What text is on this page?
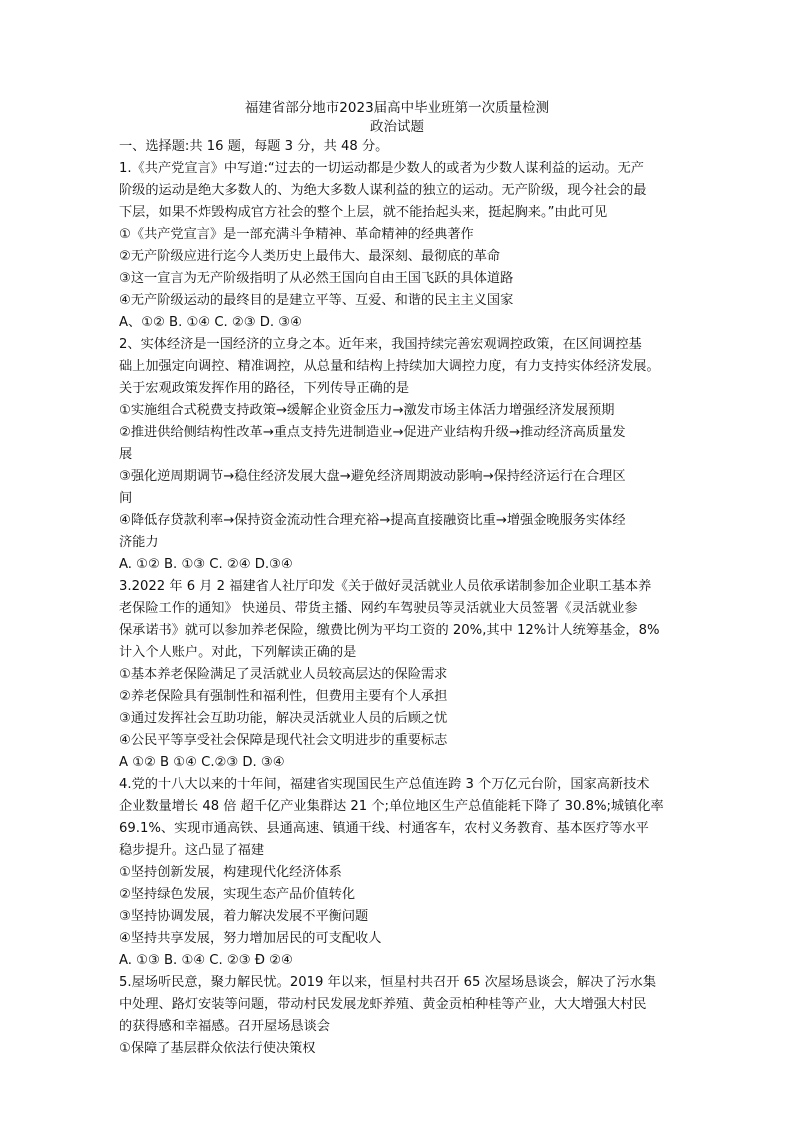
福建省部分地市2023届高中毕业班第一次质量检测
政治试题
一、选择题:共 16 题，每题 3 分，共 48 分。
1.《共产党宣言》中写道:“过去的一切运动都是少数人的或者为少数人谋利益的运动。无产
阶级的运动是绝大多数人的、为绝大多数人谋利益的独立的运动。无产阶级，现今社会的最
下层，如果不炸毁构成官方社会的整个上层，就不能抬起头来，挺起胸来。”由此可见
①《共产党宣言》是一部充满斗争精神、革命精神的经典著作
②无产阶级应进行迄今人类历史上最伟大、最深刻、最彻底的革命
③这一宣言为无产阶级指明了从必然王国向自由王国飞跃的具体道路
④无产阶级运动的最终目的是建立平等、互爱、和谐的民主主义国家
A、①② B. ①④ C. ②③ D. ③④
2、实体经济是一国经济的立身之本。近年来，我国持续完善宏观调控政策，在区间调控基
础上加强定向调控、精准调控，从总量和结构上持续加大调控力度，有力支持实体经济发展。
关于宏观政策发挥作用的路径，下列传导正确的是
①实施组合式税费支持政策→缓解企业资金压力→激发市场主体活力增强经济发展预期
②推进供给侧结构性改革→重点支持先进制造业→促进产业结构升级→推动经济高质量发
展
③强化逆周期调节→稳住经济发展大盘→避免经济周期波动影响→保持经济运行在合理区
间
④降低存贷款利率→保持资金流动性合理充裕→提高直接融资比重→增强金晚服务实体经
济能力
A. ①② B. ①③ C. ②④ D.③④
3.2022 年 6 月 2 福建省人社厅印发《关于做好灵活就业人员依承诺制参加企业职工基本养
老保险工作的通知》 快递员、带货主播、网约车驾驶员等灵活就业大员签署《灵活就业参
保承诺书》就可以参加养老保险，缴费比例为平均工资的 20%,其中 12%计人统筹基金，8%
计入个人账户。对此，下列解读正确的是
①基本养老保险满足了灵活就业人员较高层达的保险需求
②养老保险具有强制性和福利性，但费用主要有个人承担
③通过发挥社会互助功能，解决灵活就业人员的后顾之忧
④公民平等享受社会保障是现代社会文明进步的重要标志
A ①② B ①④ C.②③ D. ③④
4.党的十八大以来的十年间，福建省实现国民生产总值连跨 3 个万亿元台阶，国家高新技术
企业数量增长 48 倍 超千亿产业集群达 21 个;单位地区生产总值能耗下降了 30.8%;城镇化率
69.1%、实现市通高铁、县通高速、镇通干线、村通客车，农村义务教育、基本医疗等水平
稳步提升。这凸显了福建
①坚持创新发展，构建现代化经济体系
②坚持绿色发展，实现生态产品价值转化
③坚持协调发展，着力解决发展不平衡问题
④坚持共享发展，努力增加居民的可支配收人
A. ①③ B. ①④ C. ②③ Đ ②④
5.屋场听民意，聚力解民忧。2019 年以来，恒星村共召开 65 次屋场恳谈会，解决了污水集
中处理、路灯安装等问题，带动村民发展龙虾养殖、黄金贡柏种桂等产业，大大增强大村民
的获得感和幸福感。召开屋场恳谈会
①保障了基层群众依法行使决策权
